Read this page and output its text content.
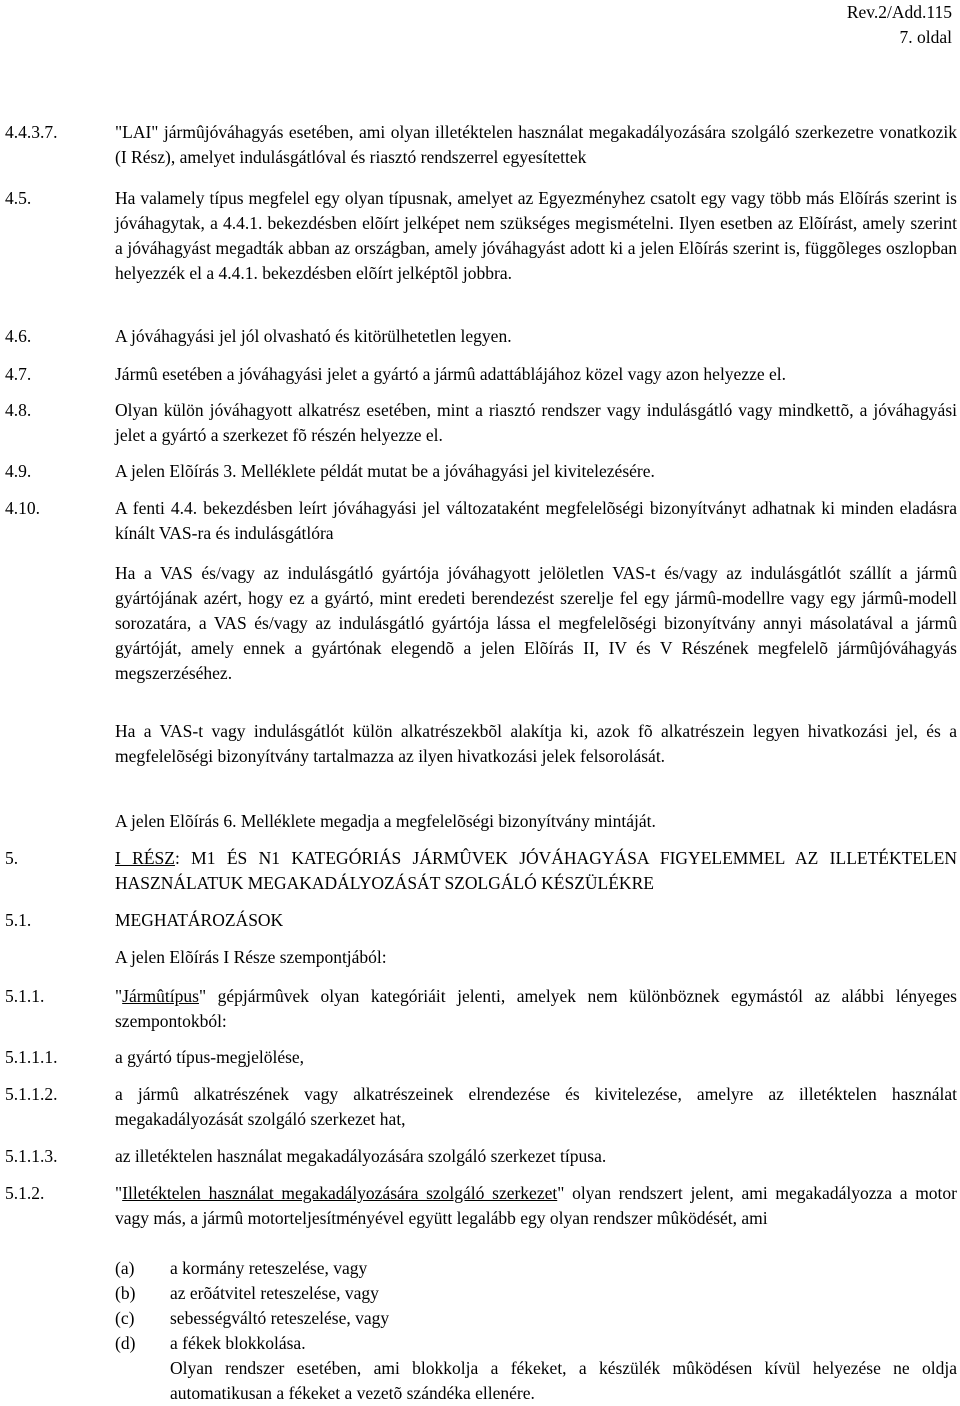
Rev.2/Add.115
7. oldal
4.4.3.7.	"LAI" jármûjóváhagyás esetében, ami olyan illetéktelen használat megakadályozására szolgáló szerkezetre vonatkozik (I Rész), amelyet indulásgátlóval és riasztó rendszerrel egyesítettek
4.5.	Ha valamely típus megfelel egy olyan típusnak, amelyet az Egyezményhez csatolt egy vagy több más Elõírás szerint is jóváhagytak, a 4.4.1. bekezdésben elõírt jelképet nem szükséges megismételni. Ilyen esetben az Elõírást, amely szerint a jóváhagyást megadták abban az országban, amely jóváhagyást adott ki a jelen Elõírás szerint is, függõleges oszlopban helyezzék el a 4.4.1. bekezdésben elõírt jelképtõl jobbra.
4.6.	A jóváhagyási jel jól olvasható és kitörülhetetlen legyen.
4.7.	Jármû esetében a jóváhagyási jelet a gyártó a jármû adattáblájához közel vagy azon helyezze el.
4.8.	Olyan külön jóváhagyott alkatrész esetében, mint a riasztó rendszer vagy indulásgátló vagy mindkettõ, a jóváhagyási jelet a gyártó a szerkezet fõ részén helyezze el.
4.9.	A jelen Elõírás 3. Melléklete példát mutat be a jóváhagyási jel kivitelezésére.
4.10.	A fenti 4.4. bekezdésben leírt jóváhagyási jel változataként megfelelõségi bizonyítványt adhatnak ki minden eladásra kínált VAS-ra és indulásgátlóra
Ha a VAS és/vagy az indulásgátló gyártója jóváhagyott jelöletlen VAS-t és/vagy az indulásgátlót szállít a jármû gyártójának azért, hogy ez a gyártó, mint eredeti berendezést szerelje fel egy jármû-modellre vagy egy jármû-modell sorozatára, a VAS és/vagy az indulásgátló gyártója lássa el megfelelõségi bizonyítvány annyi másolatával a jármû gyártóját, amely ennek a gyártónak elegendõ a jelen Elõírás II, IV és V Részének megfelelõ jármûjóváhagyás megszerzéséhez.
Ha a VAS-t vagy indulásgátlót külön alkatrészekbõl alakítja ki, azok fõ alkatrészein legyen hivatkozási jel, és a megfelelõségi bizonyítvány tartalmazza az ilyen hivatkozási jelek felsorolását.
A jelen Elõírás 6. Melléklete megadja a megfelelõségi bizonyítvány mintáját.
5.	I RÉSZ: M1 ÉS N1 KATEGÓRIÁS JÁRMÛVEK JÓVÁHAGYÁSA FIGYELEMMEL AZ ILLETÉKTELEN HASZNÁLATUK MEGAKADÁLYOZÁSÁT SZOLGÁLÓ KÉSZÜLÉKRE
5.1.	MEGHATÁROZÁSOK
A jelen Elõírás I Része szempontjából:
5.1.1.	"Jármûtípus" gépjármûvek olyan kategóriáit jelenti, amelyek nem különböznek egymástól az alábbi lényeges szempontokból:
5.1.1.1.	a gyártó típus-megjelölése,
5.1.1.2.	a jármû alkatrészének vagy alkatrészeinek elrendezése és kivitelezése, amelyre az illetéktelen használat megakadályozását szolgáló szerkezet hat,
5.1.1.3.	az illetéktelen használat megakadályozására szolgáló szerkezet típusa.
5.1.2.	"Illetéktelen használat megakadályozására szolgáló szerkezet" olyan rendszert jelent, ami megakadályozza a motor vagy más, a jármû motorteljesítményével együtt legalább egy olyan rendszer mûködését, ami
(a) a kormány reteszelése, vagy
(b) az erõátvitel reteszelése, vagy
(c) sebességváltó reteszelése, vagy
(d) a fékek blokkolása.
Olyan rendszer esetében, ami blokkolja a fékeket, a készülék mûködésen kívül helyezése ne oldja automatikusan a fékeket a vezetõ szándéka ellenére.
